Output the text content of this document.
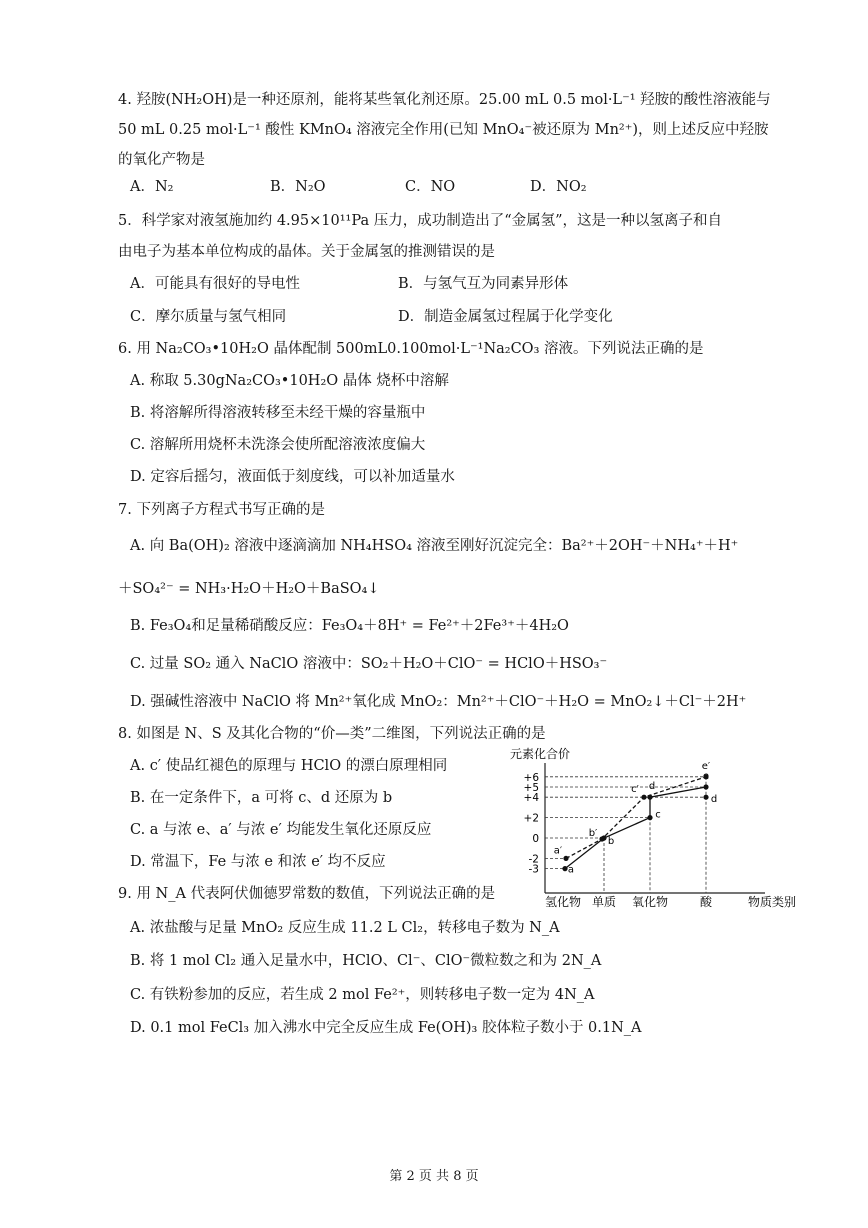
4. 羟胺(NH₂OH)是一种还原剂，能将某些氧化剂还原。25.00 mL 0.5 mol·L⁻¹ 羟胺的酸性溶液能与
50 mL 0.25 mol·L⁻¹ 酸性 KMnO₄ 溶液完全作用(已知 MnO₄⁻被还原为 Mn²⁺)，则上述反应中羟胺
的氧化产物是
A．N₂	B．N₂O	C．NO	D．NO₂
5．科学家对液氢施加约 4.95×10¹¹Pa 压力，成功制造出了“金属氢”，这是一种以氢离子和自
由电子为基本单位构成的晶体。关于金属氢的推测错误的是
A．可能具有很好的导电性	B．与氢气互为同素异形体
C．摩尔质量与氢气相同	D．制造金属氢过程属于化学变化
6. 用 Na₂CO₃•10H₂O 晶体配制 500mL0.100mol·L⁻¹Na₂CO₃ 溶液。下列说法正确的是
A. 称取 5.30gNa₂CO₃•10H₂O 晶体 烧杯中溶解
B. 将溶解所得溶液转移至未经干燥的容量瓶中
C. 溶解所用烧杯未洗涤会使所配溶液浓度偏大
D. 定容后摇匀，液面低于刻度线，可以补加适量水
7. 下列离子方程式书写正确的是
A. 向 Ba(OH)₂ 溶液中逐滴滴加 NH₄HSO₄ 溶液至刚好沉淀完全：Ba²⁺＋2OH⁻＋NH₄⁺＋H⁺
＋SO₄²⁻ = NH₃·H₂O＋H₂O＋BaSO₄↓
B. Fe₃O₄和足量稀硝酸反应：Fe₃O₄＋8H⁺ = Fe²⁺＋2Fe³⁺＋4H₂O
C. 过量 SO₂ 通入 NaClO 溶液中：SO₂＋H₂O＋ClO⁻ = HClO＋HSO₃⁻
D. 强碱性溶液中 NaClO 将 Mn²⁺氧化成 MnO₂：Mn²⁺＋ClO⁻＋H₂O = MnO₂↓＋Cl⁻＋2H⁺
8. 如图是 N、S 及其化合物的“价—类”二维图，下列说法正确的是
A. c′ 使品红褪色的原理与 HClO 的漂白原理相同
B. 在一定条件下，a 可将 c、d 还原为 b
C. a 与浓 e、a′ 与浓 e′ 均能发生氧化还原反应
D. 常温下，Fe 与浓 e 和浓 e′ 均不反应
元素化合价
+6
+5
+4
+2
0
-2
-3
氢化物 单质 氧化物	酸	物质类别
a
a′
b
b′
c
c′ d
e′
d
9. 用 N_A 代表阿伏伽德罗常数的数值，下列说法正确的是
A. 浓盐酸与足量 MnO₂ 反应生成 11.2 L Cl₂，转移电子数为 N_A
B. 将 1 mol Cl₂ 通入足量水中，HClO、Cl⁻、ClO⁻微粒数之和为 2N_A
C. 有铁粉参加的反应，若生成 2 mol Fe²⁺，则转移电子数一定为 4N_A
D. 0.1 mol FeCl₃ 加入沸水中完全反应生成 Fe(OH)₃ 胶体粒子数小于 0.1N_A
第 2 页 共 8 页
